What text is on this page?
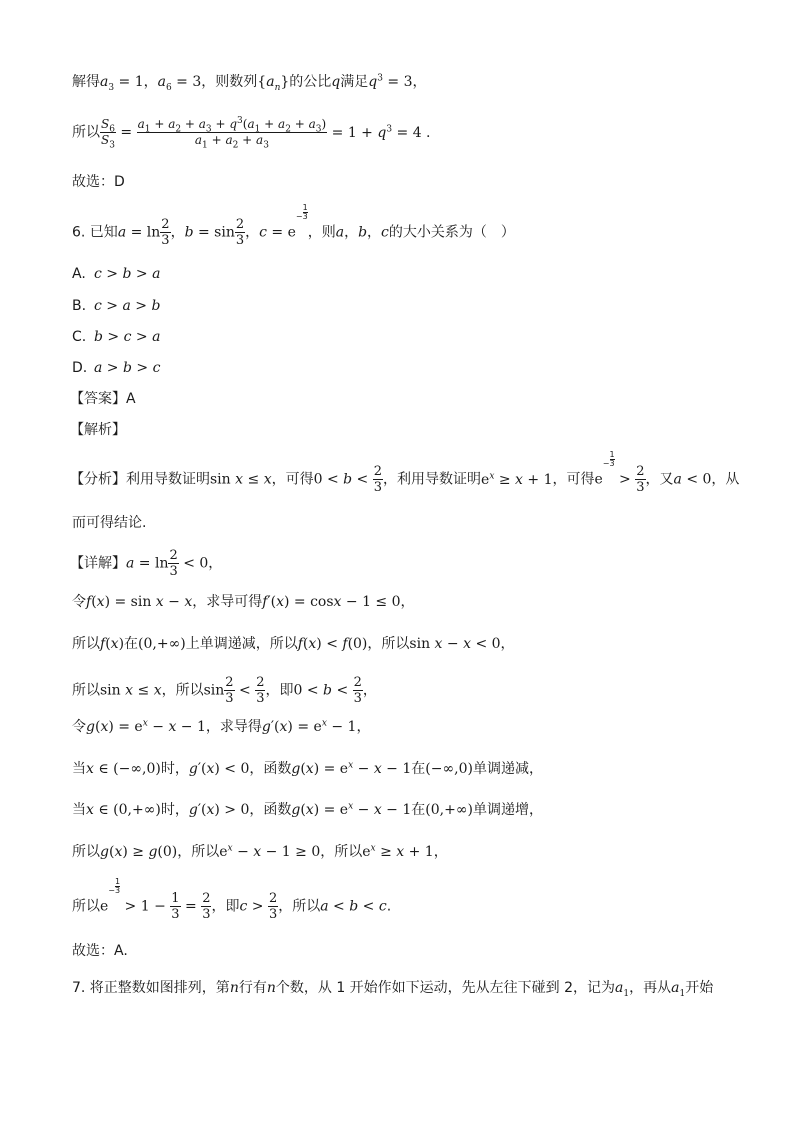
解得$a_3 = 1$，$a_6 = 3$，则数列$\{a_n\}$的公比q满足$q^3 = 3$，
所以 $\frac{S_6}{S_3} = \frac{a_1 + a_2 + a_3 + q^3(a_1 + a_2 + a_3)}{a_1 + a_2 + a_3} = 1 + q^3 = 4$ .
故选：D
6. 已知$a = \ln \frac{2}{3}$ ，$b = \sin \frac{2}{3}$ ，$c = e- \frac{1}{3}$
，则a，b，c的大小关系为（　）
A. c > b > a
B. c > a > b
C. b > c > a
D. a > b > c
【答案】A
【解析】
【分析】利用导数证明sin x ≤ x，可得$0 < b < \frac{2}{3}$ ，利用导数证明$e^x \ge x + 1$，可得$e- \frac{1}{3}$
> $\frac{2}{3}$ ，又a < 0，从
而可得结论.
【详解】$a = \ln \frac{2}{3} < 0$，
令f(x) = sin x − x，求导可得f′(x) = cosx − 1 ≤ 0，
所以f(x)在(0,+∞)上单调递减，所以f(x) < f(0)，所以sin x − x < 0，
所以sin x ≤ x，所以$\sin \frac{2}{3} < \frac{2}{3}$ ，即$0 < b < \frac{2}{3}$ ，
令$g(x) = e^x - x - 1$，求导得$g'(x) = e^x - 1$，
当x ∈ (−∞,0)时，g′(x) < 0，函数$g(x) = e^x - x - 1$在(−∞,0)单调递减，
当x ∈ (0,+∞)时，g′(x) > 0，函数$g(x) = e^x - x - 1$在(0,+∞)单调递增，
所以g(x) ≥ g(0)，所以$e^x - x - 1 \ge 0$，所以$e^x \ge x + 1$，
所以$e- \frac{1}{3}$
> $1 - \frac{1}{3} = \frac{2}{3}$ ，即$c > \frac{2}{3}$ ，所以a < b < c.
故选：A.
7. 将正整数如图排列，第n行有n个数，从 1 开始作如下运动，先从左往下碰到 2，记为$a_1$，再从$a_1$开始
